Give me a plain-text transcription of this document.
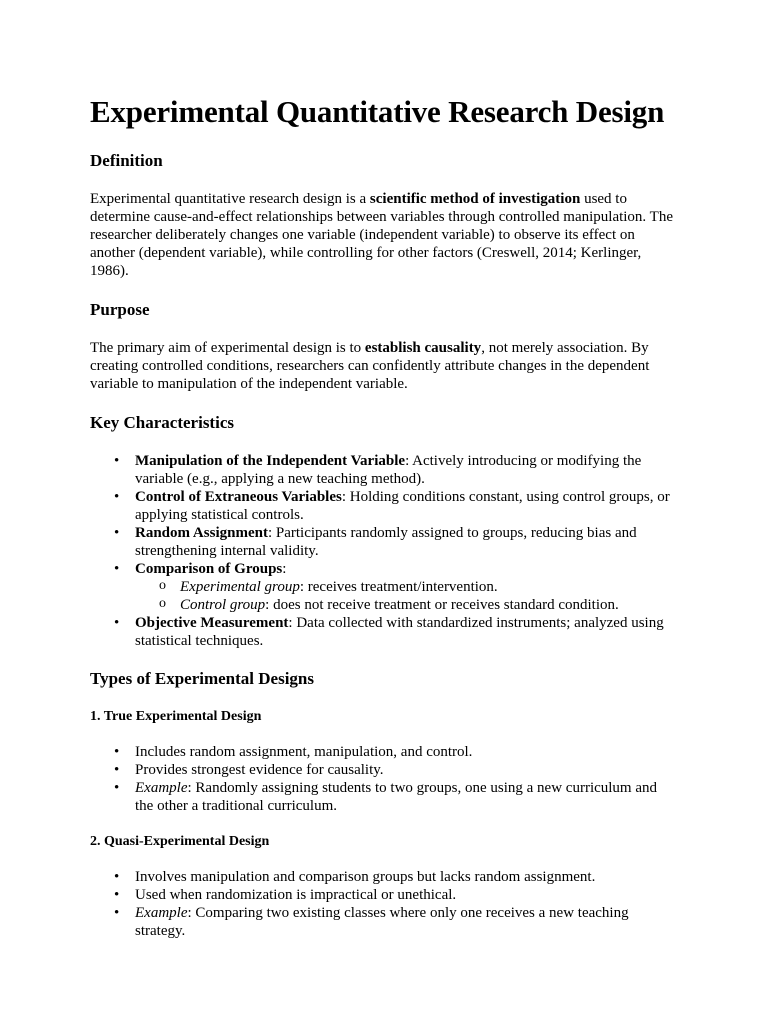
Experimental Quantitative Research Design
Definition

Experimental quantitative research design is a scientific method of investigation used to determine cause-and-effect relationships between variables through controlled manipulation. The researcher deliberately changes one variable (independent variable) to observe its effect on another (dependent variable), while controlling for other factors (Creswell, 2014; Kerlinger, 1986).

Purpose

The primary aim of experimental design is to establish causality, not merely association. By creating controlled conditions, researchers can confidently attribute changes in the dependent variable to manipulation of the independent variable.

Key Characteristics
• Manipulation of the Independent Variable: Actively introducing or modifying the variable (e.g., applying a new teaching method).
• Control of Extraneous Variables: Holding conditions constant, using control groups, or applying statistical controls.
• Random Assignment: Participants randomly assigned to groups, reducing bias and strengthening internal validity.
• Comparison of Groups:
o Experimental group: receives treatment/intervention.
o Control group: does not receive treatment or receives standard condition.
• Objective Measurement: Data collected with standardized instruments; analyzed using statistical techniques.
Types of Experimental Designs
1. True Experimental Design
• Includes random assignment, manipulation, and control.
• Provides strongest evidence for causality.
• Example: Randomly assigning students to two groups, one using a new curriculum and the other a traditional curriculum.
2. Quasi-Experimental Design
• Involves manipulation and comparison groups but lacks random assignment.
• Used when randomization is impractical or unethical.
• Example: Comparing two existing classes where only one receives a new teaching strategy.
